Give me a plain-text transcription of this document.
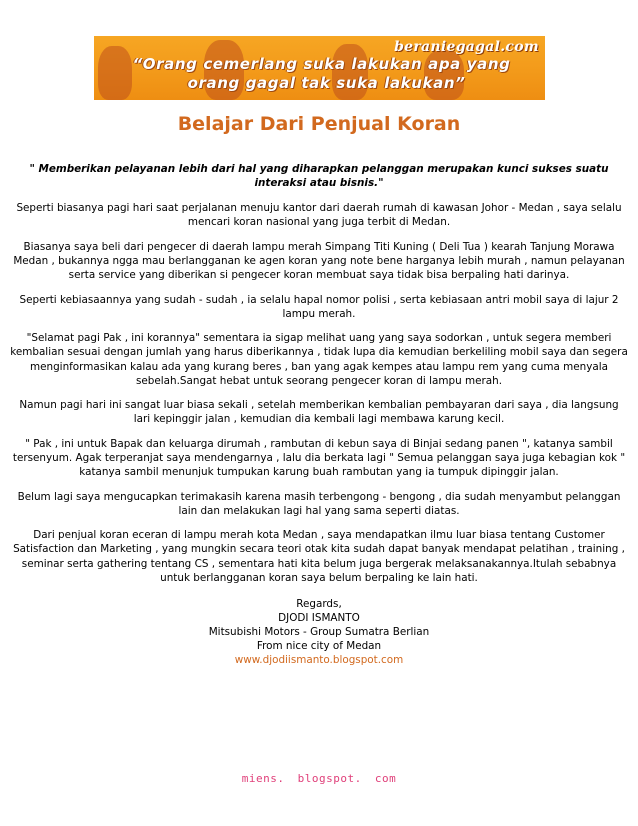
beraniegagal.com
“Orang cemerlang suka lakukan apa yang
orang gagal tak suka lakukan”
Belajar Dari Penjual Koran

" Memberikan pelayanan lebih dari hal yang diharapkan pelanggan merupakan kunci sukses suatu interaksi atau bisnis."

Seperti biasanya pagi hari saat perjalanan menuju kantor dari daerah rumah di kawasan Johor - Medan , saya selalu mencari koran nasional yang juga terbit di Medan.

Biasanya saya beli dari pengecer di daerah lampu merah Simpang Titi Kuning ( Deli Tua ) kearah Tanjung Morawa Medan , bukannya ngga mau berlangganan ke agen koran yang note bene harganya lebih murah , namun pelayanan serta service yang diberikan si pengecer koran membuat saya tidak bisa berpaling hati darinya.

Seperti kebiasaannya yang sudah - sudah , ia selalu hapal nomor polisi , serta kebiasaan antri mobil saya di lajur 2 lampu merah.

"Selamat pagi Pak , ini korannya" sementara ia sigap melihat uang yang saya sodorkan , untuk segera memberi kembalian sesuai dengan jumlah yang harus diberikannya , tidak lupa dia kemudian berkeliling mobil saya dan segera menginformasikan kalau ada yang kurang beres , ban yang agak kempes atau lampu rem yang cuma menyala sebelah.Sangat hebat untuk seorang pengecer koran di lampu merah.

Namun pagi hari ini sangat luar biasa sekali , setelah memberikan kembalian pembayaran dari saya , dia langsung lari kepinggir jalan , kemudian dia kembali lagi membawa karung kecil.

" Pak , ini untuk Bapak dan keluarga dirumah , rambutan di kebun saya di Binjai sedang panen ", katanya sambil tersenyum. Agak terperanjat saya mendengarnya , lalu dia berkata lagi " Semua pelanggan saya juga kebagian kok " katanya sambil menunjuk tumpukan karung buah rambutan yang ia tumpuk dipinggir jalan.

Belum lagi saya mengucapkan terimakasih karena masih terbengong - bengong , dia sudah menyambut pelanggan lain dan melakukan lagi hal yang sama seperti diatas.

Dari penjual koran eceran di lampu merah kota Medan , saya mendapatkan ilmu luar biasa tentang Customer Satisfaction dan Marketing , yang mungkin secara teori otak kita sudah dapat banyak mendapat pelatihan , training , seminar serta gathering tentang CS , sementara hati kita belum juga bergerak melaksanakannya.Itulah sebabnya untuk berlangganan koran saya belum berpaling ke lain hati.

Regards,
DJODI ISMANTO
Mitsubishi Motors - Group Sumatra Berlian
From nice city of Medan
www.djodiismanto.blogspot.com

miens. blogspot. com
